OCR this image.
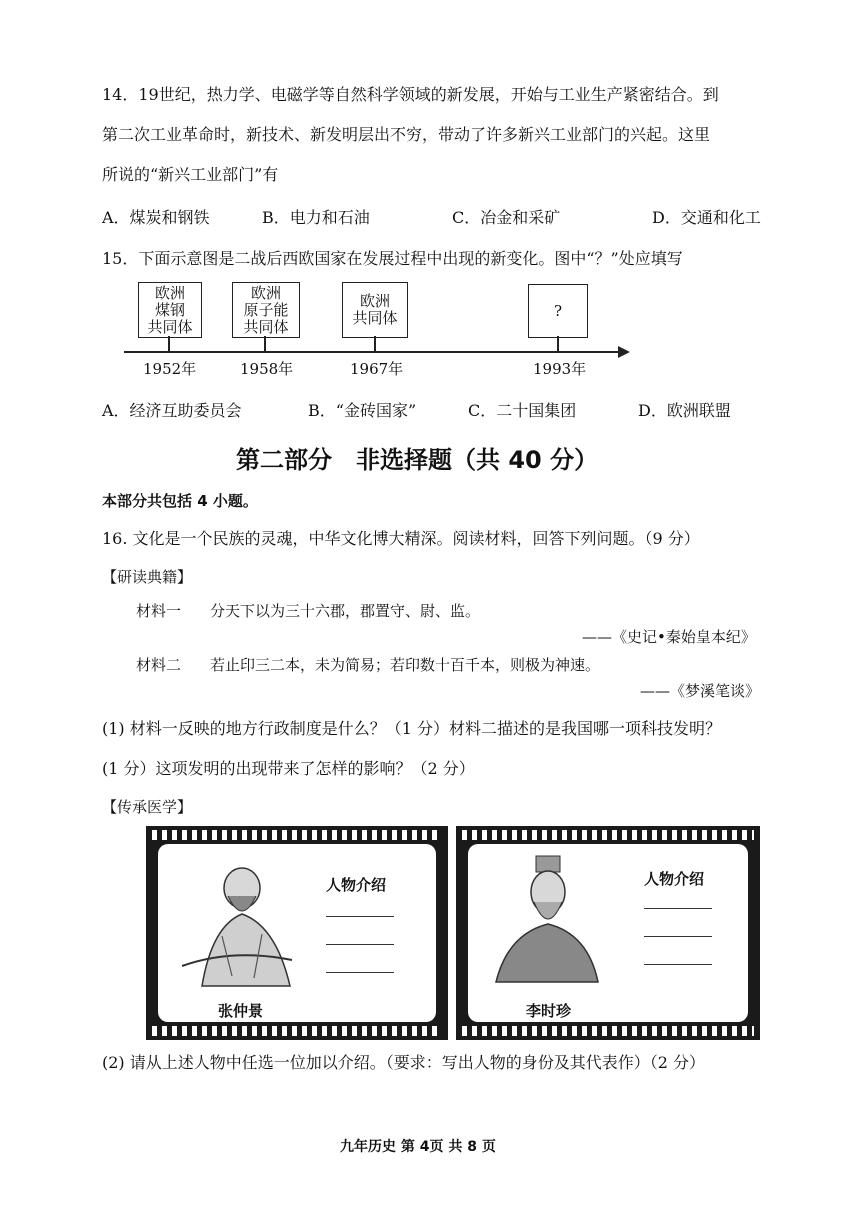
14．19世纪，热力学、电磁学等自然科学领域的新发展，开始与工业生产紧密结合。到
第二次工业革命时，新技术、新发明层出不穷，带动了许多新兴工业部门的兴起。这里
所说的“新兴工业部门”有
A．煤炭和钢铁	B．电力和石油	C．冶金和采矿	D．交通和化工
15．下面示意图是二战后西欧国家在发展过程中出现的新变化。图中“？”处应填写
欧洲
煤钢
共同体
1952年
欧洲
原子能
共同体
1958年
欧洲
共同体
1967年
?
1993年
A．经济互助委员会	B．“金砖国家”	C．二十国集团	D．欧洲联盟
第二部分　非选择题（共 40 分）
本部分共包括 4 小题。
16. 文化是一个民族的灵魂，中华文化博大精深。阅读材料，回答下列问题。（9 分）
【研读典籍】
材料一 分天下以为三十六郡，郡置守、尉、监。
——《史记•秦始皇本纪》
材料二 若止印三二本，未为简易；若印数十百千本，则极为神速。
——《梦溪笔谈》
(1) 材料一反映的地方行政制度是什么？（1 分）材料二描述的是我国哪一项科技发明？
(1 分）这项发明的出现带来了怎样的影响？（2 分）
【传承医学】
张仲景
人物介绍
李时珍
人物介绍
(2) 请从上述人物中任选一位加以介绍。（要求：写出人物的身份及其代表作）（2 分）
九年历史 第 4页 共 8 页
